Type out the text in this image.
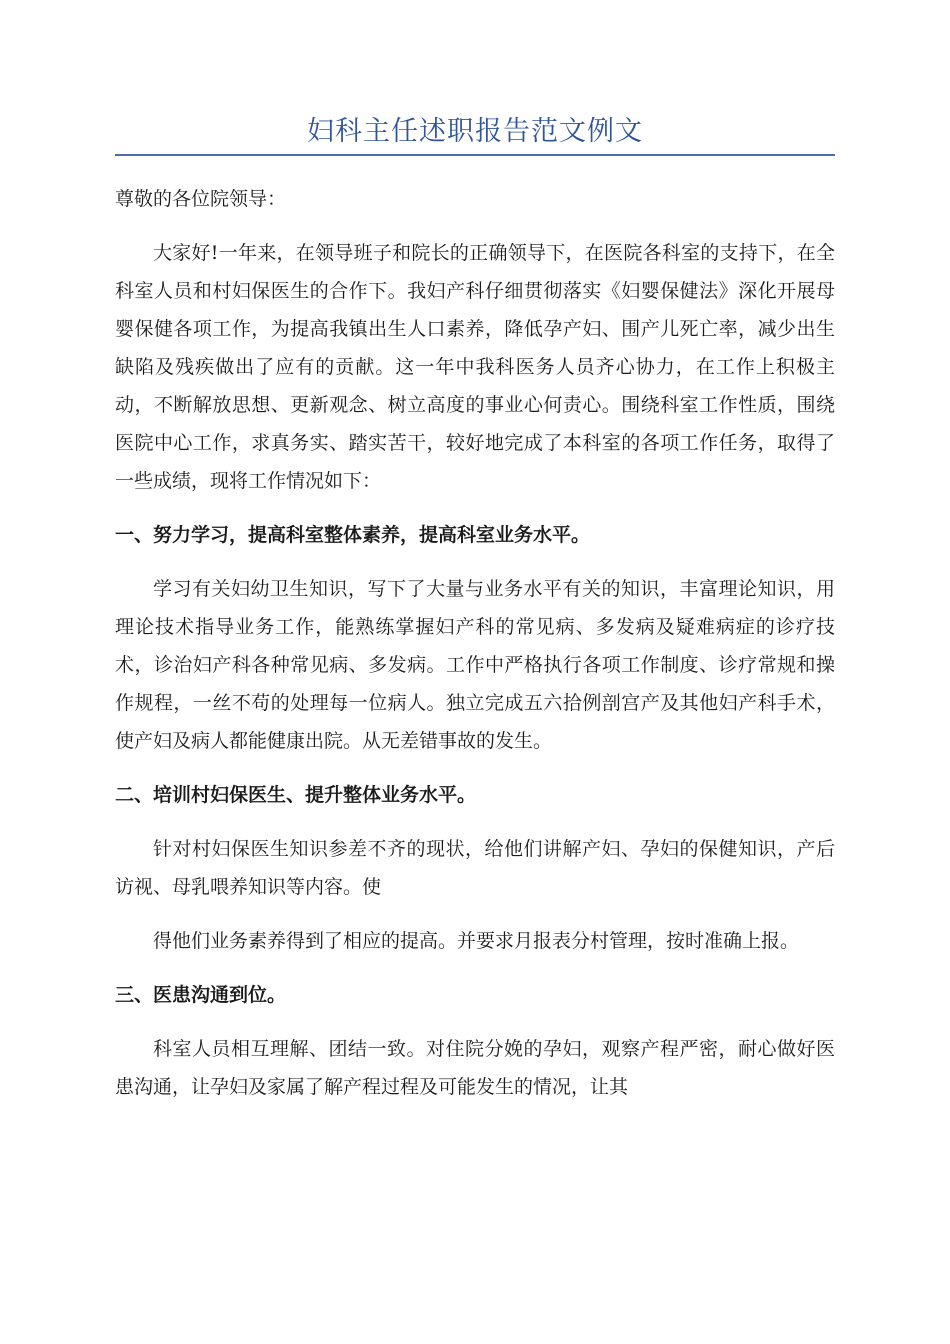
妇科主任述职报告范文例文

尊敬的各位院领导：

大家好!一年来，在领导班子和院长的正确领导下，在医院各科室的支持下，在全科室人员和村妇保医生的合作下。我妇产科仔细贯彻落实《妇婴保健法》深化开展母婴保健各项工作，为提高我镇出生人口素养，降低孕产妇、围产儿死亡率，减少出生缺陷及残疾做出了应有的贡献。这一年中我科医务人员齐心协力，在工作上积极主动，不断解放思想、更新观念、树立高度的事业心何责心。围绕科室工作性质，围绕医院中心工作，求真务实、踏实苦干，较好地完成了本科室的各项工作任务，取得了一些成绩，现将工作情况如下：

一、努力学习，提高科室整体素养，提高科室业务水平。

学习有关妇幼卫生知识，写下了大量与业务水平有关的知识，丰富理论知识，用理论技术指导业务工作，能熟练掌握妇产科的常见病、多发病及疑难病症的诊疗技术，诊治妇产科各种常见病、多发病。工作中严格执行各项工作制度、诊疗常规和操作规程，一丝不苟的处理每一位病人。独立完成五六拾例剖宫产及其他妇产科手术，使产妇及病人都能健康出院。从无差错事故的发生。

二、培训村妇保医生、提升整体业务水平。

针对村妇保医生知识参差不齐的现状，给他们讲解产妇、孕妇的保健知识，产后访视、母乳喂养知识等内容。使

得他们业务素养得到了相应的提高。并要求月报表分村管理，按时准确上报。

三、医患沟通到位。

科室人员相互理解、团结一致。对住院分娩的孕妇，观察产程严密，耐心做好医患沟通，让孕妇及家属了解产程过程及可能发生的情况，让其
